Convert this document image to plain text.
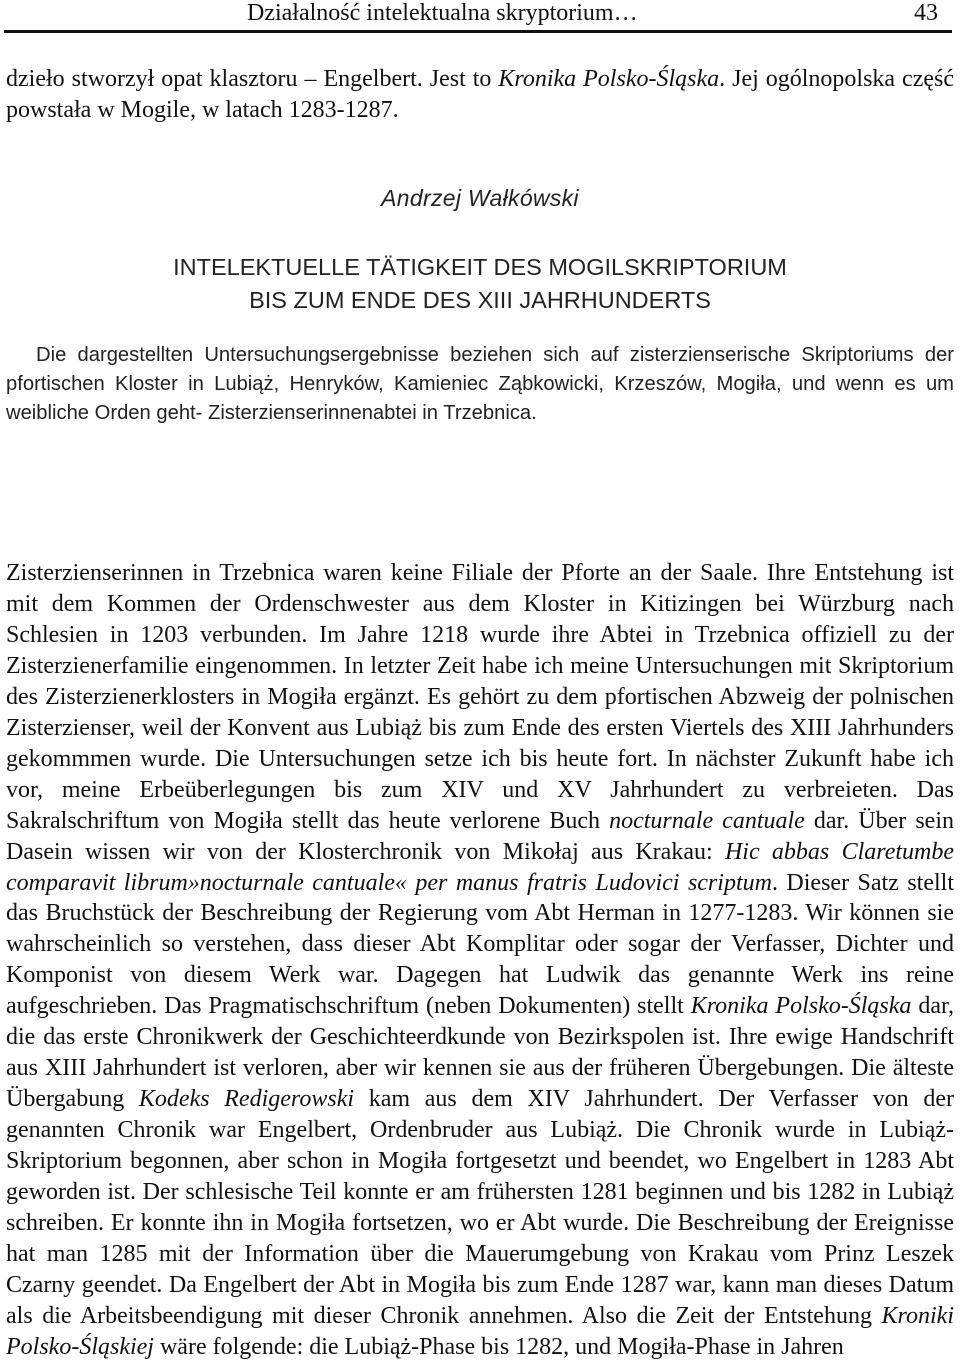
Działalność intelektualna skryptorium…	43
dzieło stworzył opat klasztoru – Engelbert. Jest to Kronika Polsko-Śląska. Jej ogólnopolska część powstała w Mogile, w latach 1283-1287.
Andrzej Wałkówski
INTELEKTUELLE TÄTIGKEIT DES MOGILSKRIPTORIUM
BIS ZUM ENDE DES XIII JAHRHUNDERTS
Die dargestellten Untersuchungsergebnisse beziehen sich auf zisterzienserische Skriptoriums der pfortischen Kloster in Lubiąż, Henryków, Kamieniec Ząbkowicki, Krzeszów, Mogiła, und wenn es um weibliche Orden geht- Zisterzienserinnenabtei in Trzebnica.
Zisterzienserinnen in Trzebnica waren keine Filiale der Pforte an der Saale. Ihre Entstehung ist mit dem Kommen der Ordenschwester aus dem Kloster in Kitizingen bei Würzburg nach Schlesien in 1203 verbunden. Im Jahre 1218 wurde ihre Abtei in Trzebnica offiziell zu der Zisterzienerfamilie eingenommen. In letzter Zeit habe ich meine Untersuchungen mit Skriptorium des Zisterzienerklosters in Mogiła ergänzt. Es gehört zu dem pfortischen Abzweig der polnischen Zisterzienser, weil der Konvent aus Lubiąż bis zum Ende des ersten Viertels des XIII Jahrhunders gekommmen wurde. Die Untersuchungen setze ich bis heute fort. In nächster Zukunft habe ich vor, meine Erbeüberlegungen bis zum XIV und XV Jahrhundert zu verbreieten. Das Sakralschriftum von Mogiła stellt das heute verlorene Buch nocturnale cantuale dar. Über sein Dasein wissen wir von der Klosterchronik von Mikołaj aus Krakau: Hic abbas Claretumbe comparavit librum»nocturnale cantuale« per manus fratris Ludovici scriptum. Dieser Satz stellt das Bruchstück der Beschreibung der Regierung vom Abt Herman in 1277-1283. Wir können sie wahrscheinlich so verstehen, dass dieser Abt Komplitar oder sogar der Verfasser, Dichter und Komponist von diesem Werk war. Dagegen hat Ludwik das genannte Werk ins reine aufgeschrieben. Das Pragmatischschriftum (neben Dokumenten) stellt Kronika Polsko-Śląska dar, die das erste Chronikwerk der Geschichteerdkunde von Bezirkspolen ist. Ihre ewige Handschrift aus XIII Jahrhundert ist verloren, aber wir kennen sie aus der früheren Übergebungen. Die älteste Übergabung Kodeks Redigerowski kam aus dem XIV Jahrhundert. Der Verfasser von der genannten Chronik war Engelbert, Ordenbruder aus Lubiąż. Die Chronik wurde in Lubiąż-Skriptorium begonnen, aber schon in Mogiła fortgesetzt und beendet, wo Engelbert in 1283 Abt geworden ist. Der schlesische Teil konnte er am frühersten 1281 beginnen und bis 1282 in Lubiąż schreiben. Er konnte ihn in Mogiła fortsetzen, wo er Abt wurde. Die Beschreibung der Ereignisse hat man 1285 mit der Information über die Mauerumgebung von Krakau vom Prinz Leszek Czarny geendet. Da Engelbert der Abt in Mogiła bis zum Ende 1287 war, kann man dieses Datum als die Arbeitsbeendigung mit dieser Chronik annehmen. Also die Zeit der Entstehung Kroniki Polsko-Śląskiej wäre folgende: die Lubiąż-Phase bis 1282, und Mogiła-Phase in Jahren
